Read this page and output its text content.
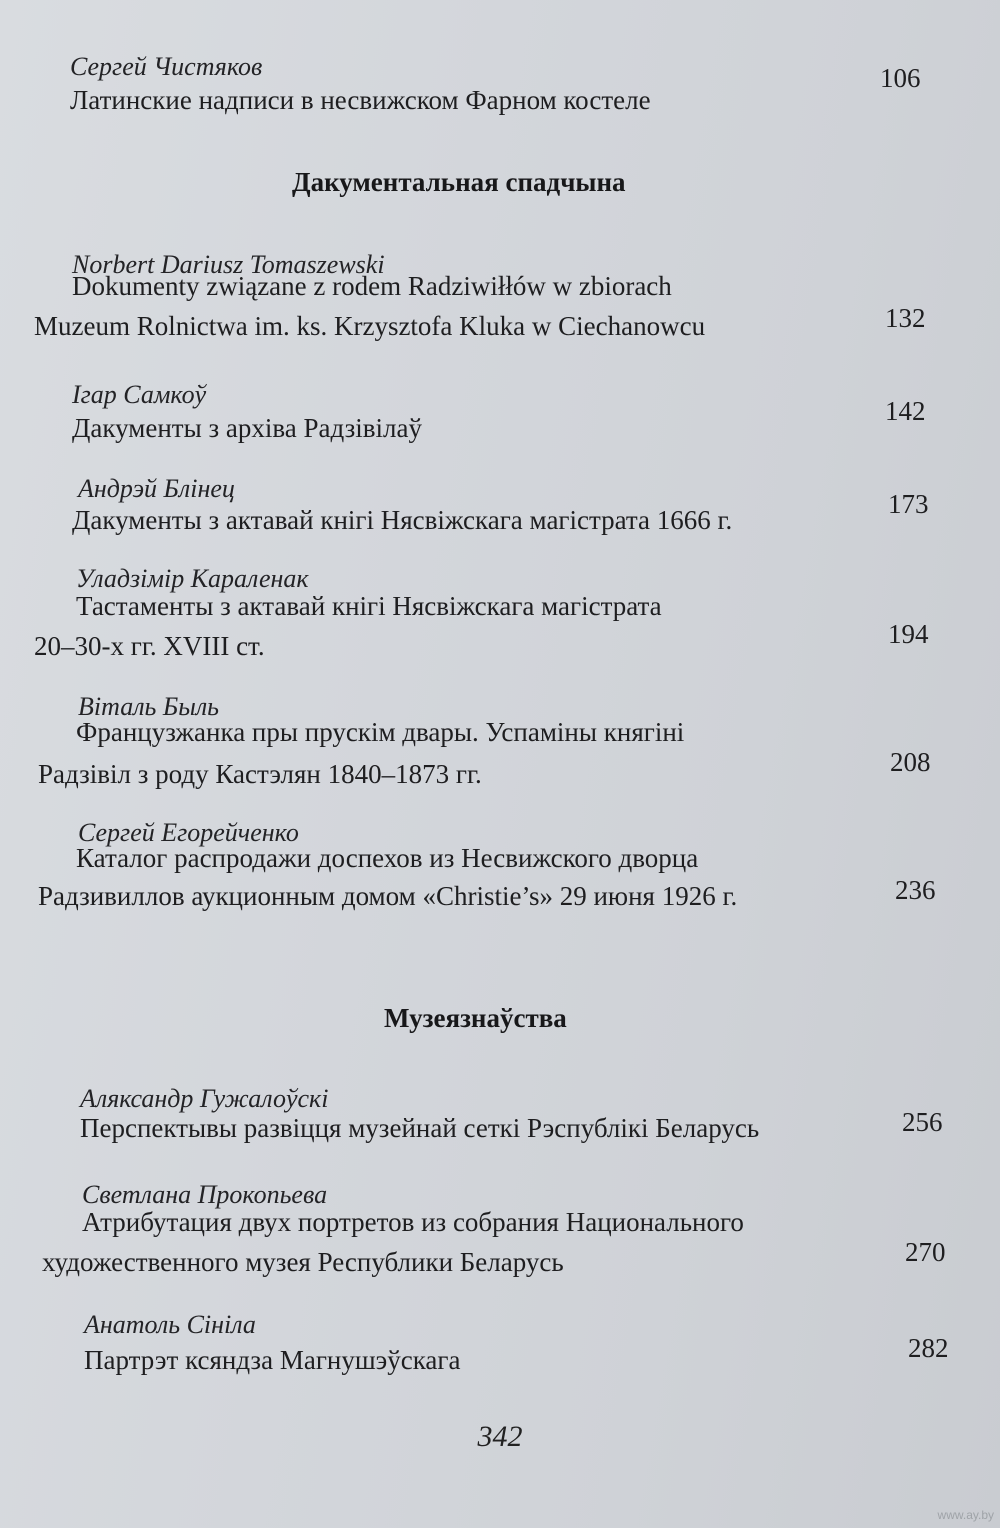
Сергей Чистяков
Латинские надписи в несвижском Фарном костеле
106
Дакументальная спадчына
Norbert Dariusz Tomaszewski
Dokumenty związane z rodem Radziwiłłów w zbiorach
Muzeum Rolnictwa im. ks. Krzysztofa Kluka w Ciechanowcu	132
Ігар Самкоў
Дакументы з архіва Радзівілаў
142
Андрэй Блінец
Дакументы з актавай кнігі Нясвіжскага магістрата 1666 г.
173
Уладзімір Караленак
Тастаменты з актавай кнігі Нясвіжскага магістрата
20–30-х гг. XVIII ст.	194
Віталь Быль
Французжанка пры прускім двары. Успаміны княгіні
Радзівіл з роду Кастэлян 1840–1873 гг.	208
Сергей Егорейченко
Каталог распродажи доспехов из Несвижского дворца
Радзивиллов аукционным домом «Christie’s» 29 июня 1926 г.	236
Музеязнаўства
Аляксандр Гужалоўскі
Перспектывы развіцця музейнай сеткі Рэспублікі Беларусь	256
Светлана Прокопьева
Атрибутация двух портретов из собрания Национального
художественного музея Республики Беларусь	270
Анатоль Сініла
Партрэт ксяндза Магнушэўскага	282
342
www.ay.by
